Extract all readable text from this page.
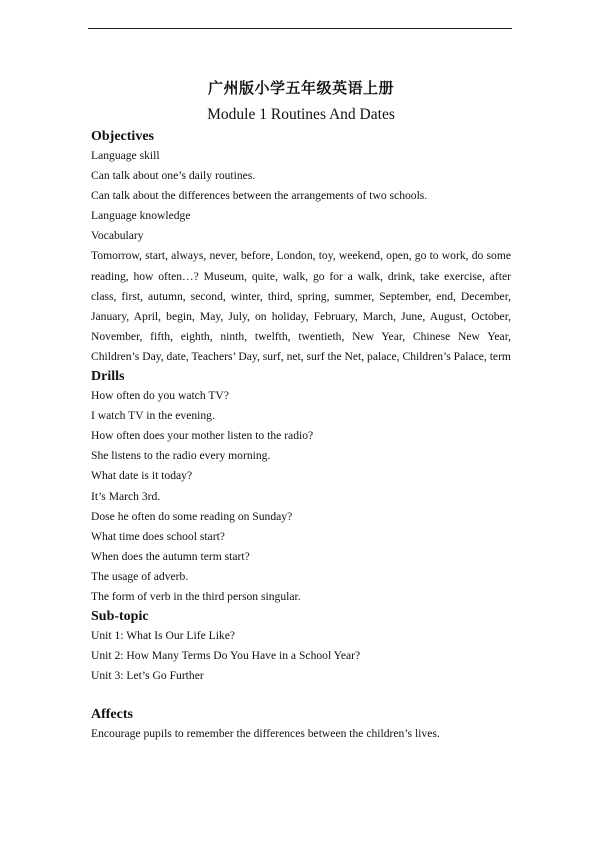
广州版小学五年级英语上册
Module 1 Routines And Dates
Objectives
Language skill
Can talk about one’s daily routines.
Can talk about the differences between the arrangements of two schools.
Language knowledge
Vocabulary
Tomorrow, start, always, never, before, London, toy, weekend, open, go to work, do some reading, how often…? Museum, quite, walk, go for a walk, drink, take exercise, after class, first, autumn, second, winter, third, spring, summer, September, end, December, January, April, begin, May, July, on holiday, February, March, June, August, October, November, fifth, eighth, ninth, twelfth, twentieth, New Year, Chinese New Year, Children’s Day, date, Teachers’ Day, surf, net, surf the Net, palace, Children’s Palace, term
Drills
How often do you watch TV?
I watch TV in the evening.
How often does your mother listen to the radio?
She listens to the radio every morning.
What date is it today?
It’s March 3rd.
Dose he often do some reading on Sunday?
What time does school start?
When does the autumn term start?
The usage of adverb.
The form of verb in the third person singular.
Sub-topic
Unit 1: What Is Our Life Like?
Unit 2: How Many Terms Do You Have in a School Year?
Unit 3: Let’s Go Further
Affects
Encourage pupils to remember the differences between the children’s lives.
